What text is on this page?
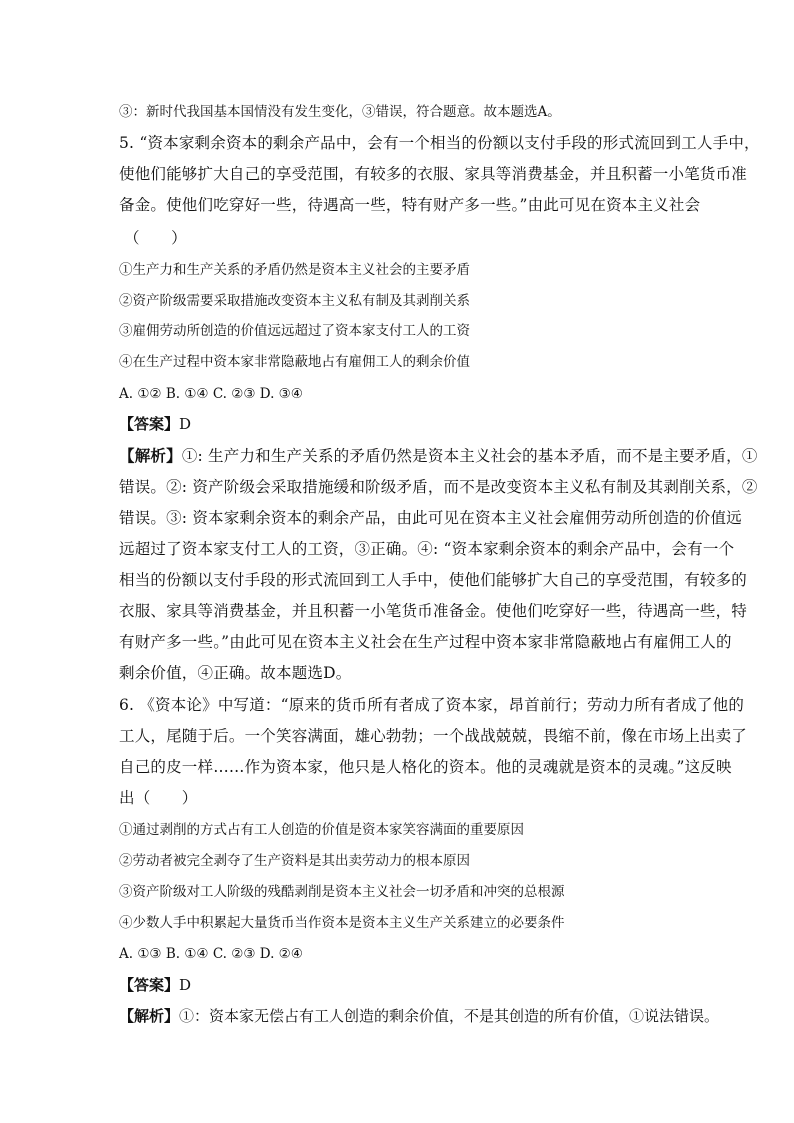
③：新时代我国基本国情没有发生变化，③错误，符合题意。故本题选A。
5. “资本家剩余资本的剩余产品中，会有一个相当的份额以支付手段的形式流回到工人手中，
使他们能够扩大自己的享受范围，有较多的衣服、家具等消费基金，并且积蓄一小笔货币准
备金。使他们吃穿好一些，待遇高一些，特有财产多一些。”由此可见在资本主义社会
（　　）
①生产力和生产关系的矛盾仍然是资本主义社会的主要矛盾
②资产阶级需要采取措施改变资本主义私有制及其剥削关系
③雇佣劳动所创造的价值远远超过了资本家支付工人的工资
④在生产过程中资本家非常隐蔽地占有雇佣工人的剩余价值
A. ①② B. ①④ C. ②③ D. ③④
【答案】D
【解析】①: 生产力和生产关系的矛盾仍然是资本主义社会的基本矛盾，而不是主要矛盾，①
错误。②: 资产阶级会采取措施缓和阶级矛盾，而不是改变资本主义私有制及其剥削关系，②
错误。③: 资本家剩余资本的剩余产品，由此可见在资本主义社会雇佣劳动所创造的价值远
远超过了资本家支付工人的工资，③正确。④: “资本家剩余资本的剩余产品中，会有一个
相当的份额以支付手段的形式流回到工人手中，使他们能够扩大自己的享受范围，有较多的
衣服、家具等消费基金，并且积蓄一小笔货币准备金。使他们吃穿好一些，待遇高一些，特
有财产多一些。”由此可见在资本主义社会在生产过程中资本家非常隐蔽地占有雇佣工人的
剩余价值，④正确。故本题选D。
6. 《资本论》中写道：“原来的货币所有者成了资本家，昂首前行；劳动力所有者成了他的
工人，尾随于后。一个笑容满面，雄心勃勃；一个战战兢兢，畏缩不前，像在市场上出卖了
自己的皮一样……作为资本家，他只是人格化的资本。他的灵魂就是资本的灵魂。”这反映
出（　　）
①通过剥削的方式占有工人创造的价值是资本家笑容满面的重要原因
②劳动者被完全剥夺了生产资料是其出卖劳动力的根本原因
③资产阶级对工人阶级的残酷剥削是资本主义社会一切矛盾和冲突的总根源
④少数人手中积累起大量货币当作资本是资本主义生产关系建立的必要条件
A. ①③ B. ①④ C. ②③ D. ②④
【答案】D
【解析】①：资本家无偿占有工人创造的剩余价值，不是其创造的所有价值，①说法错误。
